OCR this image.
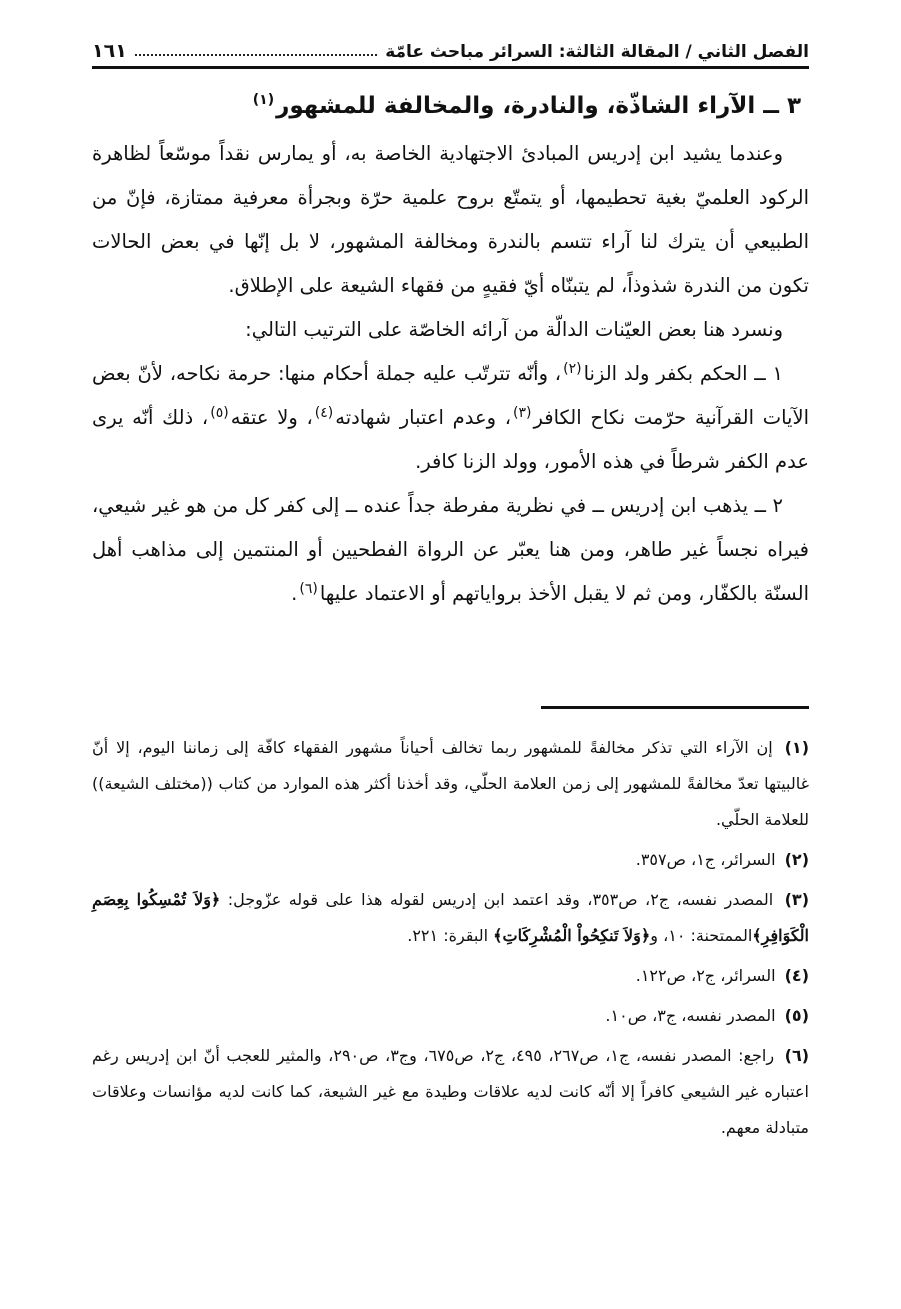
الفصل الثاني / المقالة الثالثة: السرائر مباحث عامّة
١٦١
٣ ــ الآراء الشاذّة، والنادرة، والمخالفة للمشهور$^{(١)}$

وعندما يشيد ابن إدريس المبادئ الاجتهادية الخاصة به، أو يمارس نقداً موسّعاً لظاهرة الركود العلميّ بغية تحطيمها، أو يتمتّع بروح علمية حرّة وبجرأة معرفية ممتازة، فإنّ من الطبيعي أن يترك لنا آراء تتسم بالندرة ومخالفة المشهور، لا بل إنّها في بعض الحالات تكون من الندرة شذوذاً، لم يتبنّاه أيّ فقيهٍ من فقهاء الشيعة على الإطلاق.

ونسرد هنا بعض العيّنات الدالّة من آرائه الخاصّة على الترتيب التالي:

١ ــ الحكم بكفر ولد الزنا$^{(٢)}$، وأنّه تترتّب عليه جملة أحكام منها: حرمة نكاحه، لأنّ بعض الآيات القرآنية حرّمت نكاح الكافر$^{(٣)}$، وعدم اعتبار شهادته$^{(٤)}$، ولا عتقه$^{(٥)}$، ذلك أنّه يرى عدم الكفر شرطاً في هذه الأمور، وولد الزنا كافر.

٢ ــ يذهب ابن إدريس ــ في نظرية مفرطة جداً عنده ــ إلى كفر كل من هو غير شيعي، فيراه نجساً غير طاهر، ومن هنا يعبّر عن الرواة الفطحيين أو المنتمين إلى مذاهب أهل السنّة بالكفّار، ومن ثم لا يقبل الأخذ برواياتهم أو الاعتماد عليها$^{(٦)}$.

(١) إن الآراء التي تذكر مخالفةً للمشهور ربما تخالف أحياناً مشهور الفقهاء كافّة إلى زماننا اليوم، إلا أنّ غالبيتها تعدّ مخالفةً للمشهور إلى زمن العلامة الحلّي، وقد أخذنا أكثر هذه الموارد من كتاب ((مختلف الشيعة)) للعلامة الحلّي.
(٢) السرائر، ج١، ص٣٥٧.
(٣) المصدر نفسه، ج٢، ص٣٥٣، وقد اعتمد ابن إدريس لقوله هذا على قوله عزّوجل: ﴿وَلاَ تُمْسِكُوا بِعِصَمِ الْكَوَافِرِ﴾الممتحنة: ١٠، و﴿وَلاَ تَنكِحُواْ الْمُشْرِكَاتِ﴾ البقرة: ٢٢١.
(٤) السرائر، ج٢، ص١٢٢.
(٥) المصدر نفسه، ج٣، ص١٠.
(٦) راجع: المصدر نفسه، ج١، ص٢٦٧، ٤٩٥، ج٢، ص٦٧٥، وج٣، ص٢٩٠، والمثير للعجب أنّ ابن إدريس رغم اعتباره غير الشيعي كافراً إلا أنّه كانت لديه علاقات وطيدة مع غير الشيعة، كما كانت لديه مؤانسات وعلاقات متبادلة معهم.
